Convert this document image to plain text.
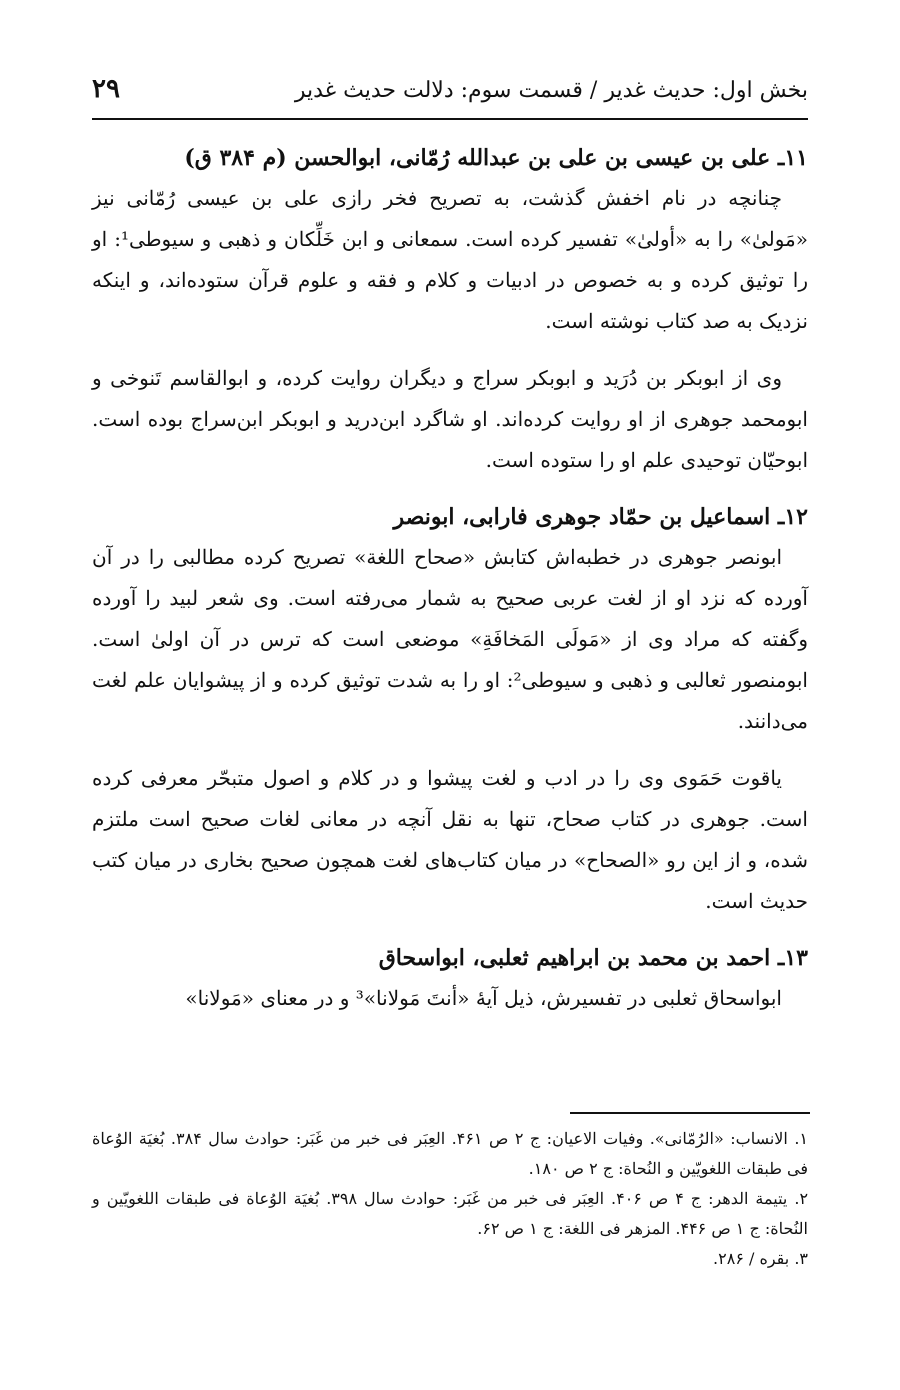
بخش اول: حدیث غدیر / قسمت سوم: دلالت حدیث غدیر
۲۹

۱۱ـ علی بن عیسی بن علی بن عبدالله رُمّانی، ابوالحسن (م ۳۸۴ ق)

چنانچه در نام اخفش گذشت، به تصریح فخر رازی علی بن عیسی رُمّانی نیز «مَولیٰ» را به «أولیٰ» تفسیر کرده است. سمعانی و ابن خَلِّکان و ذهبی و سیوطی¹: او را توثیق کرده و به خصوص در ادبیات و کلام و فقه و علوم قرآن ستوده‌اند، و اینکه نزدیک به صد کتاب نوشته است.

وی از ابوبکر بن دُرَید و ابوبکر سراج و دیگران روایت کرده، و ابوالقاسم تَنوخی و ابومحمد جوهری از او روایت کرده‌اند. او شاگرد ابن‌درید و ابوبکر ابن‌سراج بوده است. ابوحیّان توحیدی علم او را ستوده است.

۱۲ـ اسماعیل بن حمّاد جوهری فارابی، ابونصر

ابونصر جوهری در خطبه‌اش کتابش «صحاح اللغة» تصریح کرده مطالبی را در آن آورده که نزد او از لغت عربی صحیح به شمار می‌رفته است. وی شعر لبید را آورده وگفته که مراد وی از «مَولَی المَخافَةِ» موضعی است که ترس در آن اولیٰ است. ابومنصور ثعالبی و ذهبی و سیوطی²: او را به شدت توثیق کرده و از پیشوایان علم لغت می‌دانند.

یاقوت حَمَوی وی را در ادب و لغت پیشوا و در کلام و اصول متبحّر معرفی کرده است. جوهری در کتاب صحاح، تنها به نقل آنچه در معانی لغات صحیح است ملتزم شده، و از این رو «الصحاح» در میان کتاب‌های لغت همچون صحیح بخاری در میان کتب حدیث است.

۱۳ـ احمد بن محمد بن ابراهیم ثعلبی، ابواسحاق

ابواسحاق ثعلبی در تفسیرش، ذیل آیهٔ «أنتَ مَولانا»³ و در معنای «مَولانا»

۱. الانساب: «الرُمّانی». وفیات الاعیان: ج ۲ ص ۴۶۱. العِبَر فی خبر من غَبَر: حوادث سال ۳۸۴. بُغیَة الوُعاة فی طبقات اللغویّین و النُحاة: ج ۲ ص ۱۸۰.

۲. یتیمة الدهر: ج ۴ ص ۴۰۶. العِبَر فی خبر من غَبَر: حوادث سال ۳۹۸. بُغیَة الوُعاة فی طبقات اللغویّین و النُحاة: ج ۱ ص ۴۴۶. المزهر فی اللغة: ج ۱ ص ۶۲.

۳. بقره / ۲۸۶.
